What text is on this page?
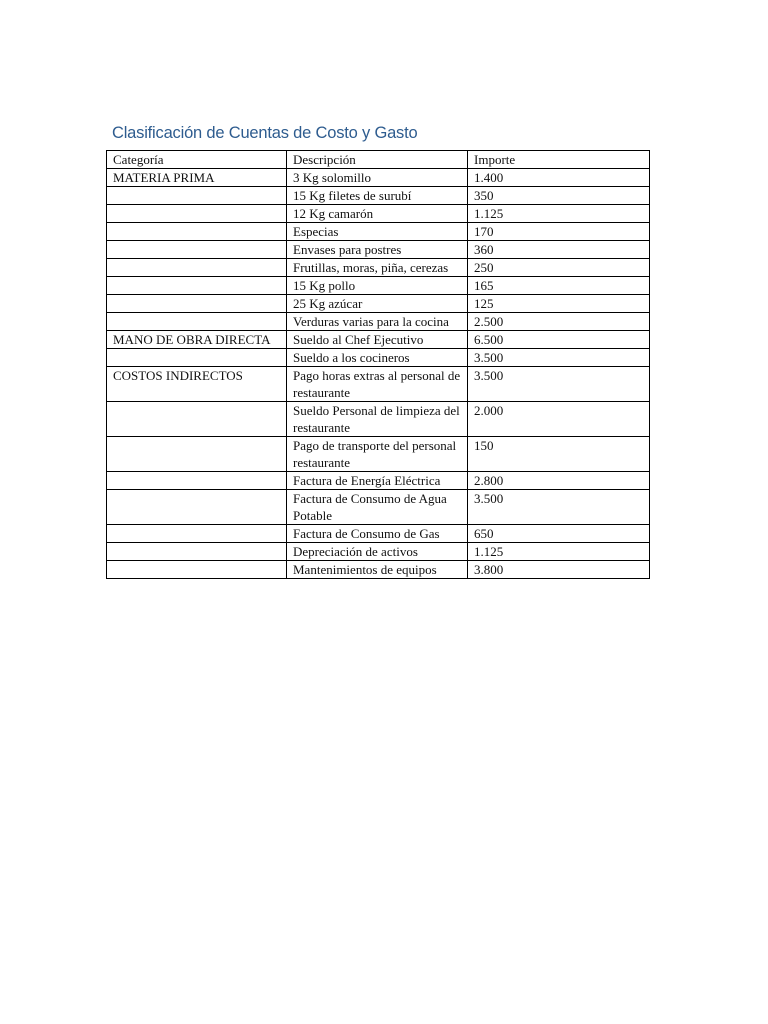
Clasificación de Cuentas de Costo y Gasto
Categoría	Descripción	Importe
MATERIA PRIMA	3 Kg solomillo	1.400
	15 Kg filetes de surubí	350
	12 Kg camarón	1.125
	Especias	170
	Envases para postres	360
	Frutillas, moras, piña, cerezas	250
	15 Kg pollo	165
	25 Kg azúcar	125
	Verduras varias para la cocina	2.500
MANO DE OBRA DIRECTA	Sueldo al Chef Ejecutivo	6.500
	Sueldo a los cocineros	3.500
COSTOS INDIRECTOS	Pago horas extras al personal de restaurante	3.500
	Sueldo Personal de limpieza del restaurante	2.000
	Pago de transporte del personal restaurante	150
	Factura de Energía Eléctrica	2.800
	Factura de Consumo de Agua Potable	3.500
	Factura de Consumo de Gas	650
	Depreciación de activos	1.125
	Mantenimientos de equipos	3.800
